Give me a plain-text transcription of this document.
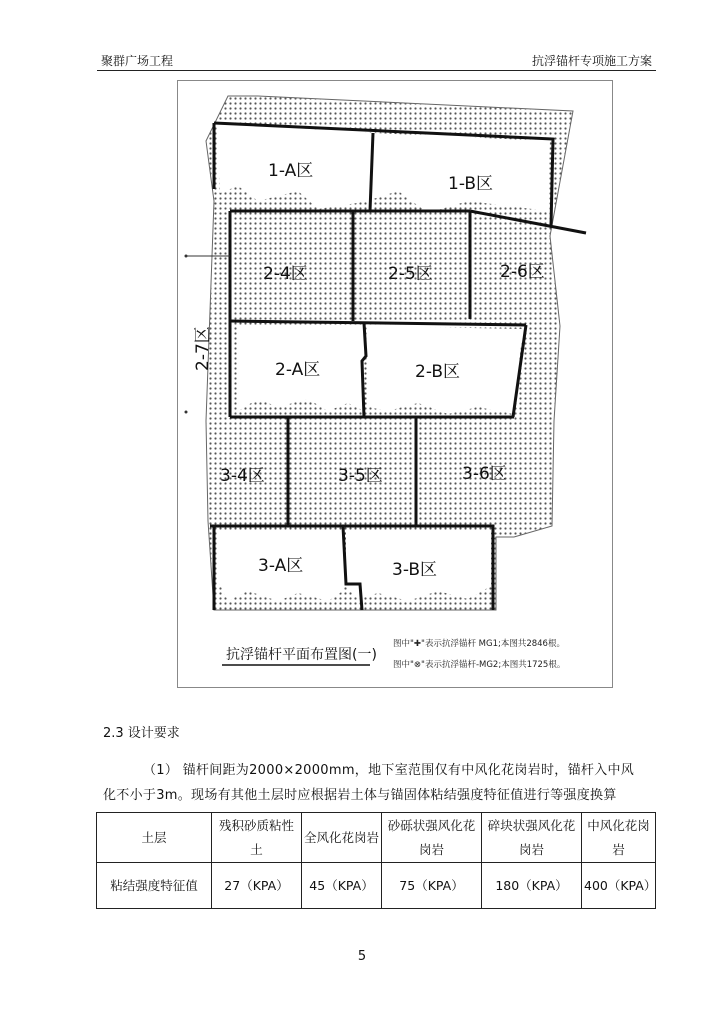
聚群广场工程	抗浮锚杆专项施工方案
1-A区
1-B区
2-4区	2-5区	2-6区
2-7区	2-A区	2-B区
3-4区	3-5区	3-6区
3-A区	3-B区
抗浮锚杆平面布置图(一)
图中"✚"表示抗浮锚杆 MG1;本图共2846根。
图中"⊗"表示抗浮锚杆-MG2;本图共1725根。
2.3 设计要求
（1） 锚杆间距为2000×2000mm，地下室范围仅有中风化花岗岩时，锚杆入中风
化不小于3m。现场有其他土层时应根据岩土体与锚固体粘结强度特征值进行等强度换算
土层	残积砂质粘性土	全风化花岗岩	砂砾状强风化花岗岩	碎块状强风化花岗岩	中风化花岗岩
粘结强度特征值	27（KPA）	45（KPA）	75（KPA）	180（KPA）	400（KPA）
5
